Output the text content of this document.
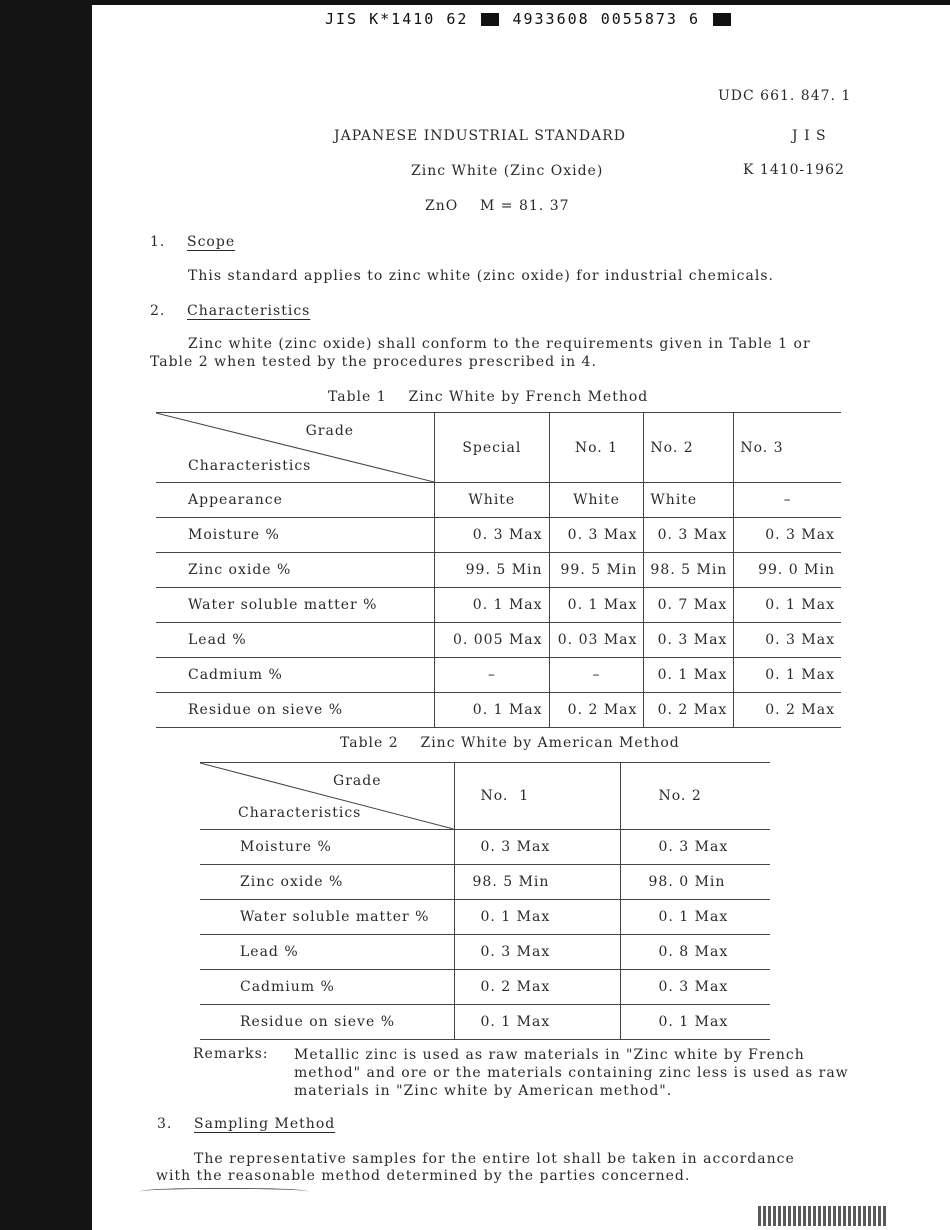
JIS K*1410 62	4933608 0055873 6
UDC 661. 847. 1
JAPANESE INDUSTRIAL STANDARD	J I S
Zinc White (Zinc Oxide)	K 1410-1962
ZnO    M = 81. 37
1. Scope
This standard applies to zinc white (zinc oxide) for industrial chemicals.
2. Characteristics
Zinc white (zinc oxide) shall conform to the requirements given in Table 1 or
Table 2 when tested by the procedures prescribed in 4.
Table 1    Zinc White by French Method
Grade
Characteristics	Special	No. 1	No. 2	No. 3
Appearance	White	White	White	–
Moisture %	0. 3 Max	0. 3 Max	0. 3 Max	0. 3 Max
Zinc oxide %	99. 5 Min	99. 5 Min	98. 5 Min	99. 0 Min
Water soluble matter %	0. 1 Max	0. 1 Max	0. 7 Max	0. 1 Max
Lead %	0. 005 Max	0. 03 Max	0. 3 Max	0. 3 Max
Cadmium %	–	–	0. 1 Max	0. 1 Max
Residue on sieve %	0. 1 Max	0. 2 Max	0. 2 Max	0. 2 Max
Table 2    Zinc White by American Method
Grade
Characteristics	No.  1	No. 2
Moisture %	0. 3 Max	0. 3 Max
Zinc oxide %	98. 5 Min	98. 0 Min
Water soluble matter %	0. 1 Max	0. 1 Max
Lead %	0. 3 Max	0. 8 Max
Cadmium %	0. 2 Max	0. 3 Max
Residue on sieve %	0. 1 Max	0. 1 Max
Remarks: Metallic zinc is used as raw materials in "Zinc white by French method" and ore or the materials containing zinc less is used as raw materials in "Zinc white by American method".
3. Sampling Method
The representative samples for the entire lot shall be taken in accordance
with the reasonable method determined by the parties concerned.
